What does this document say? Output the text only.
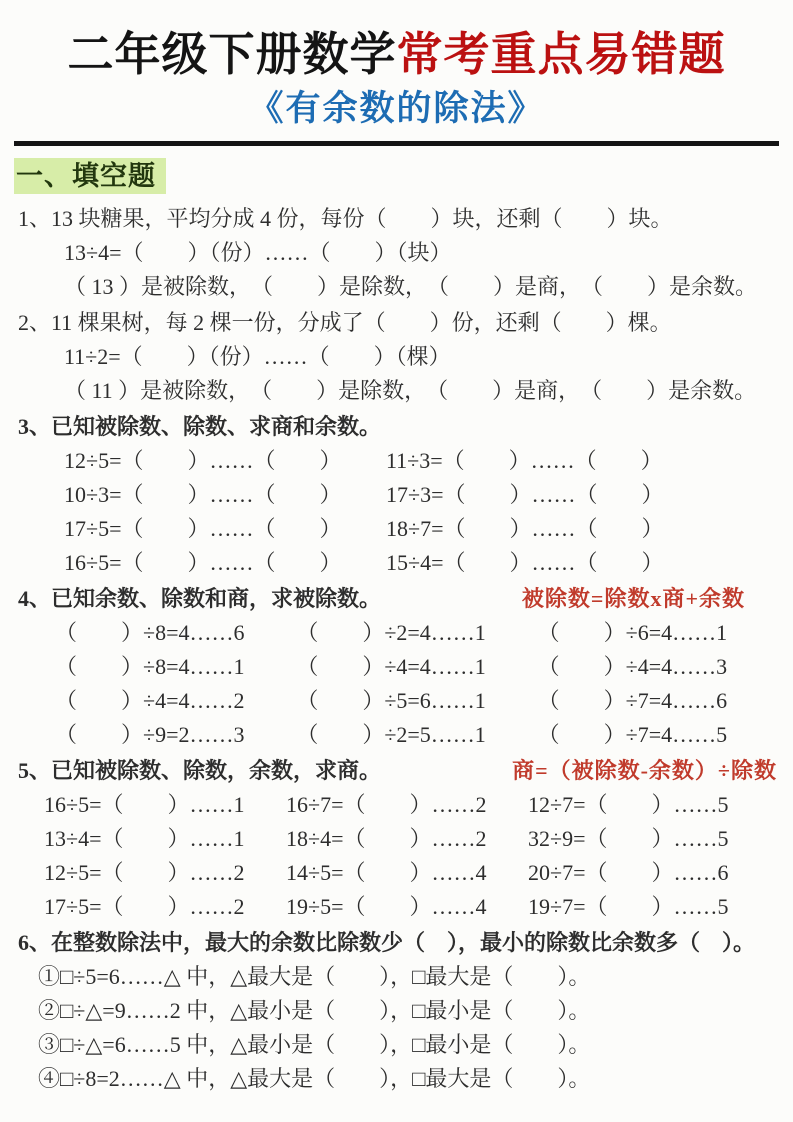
二年级下册数学常考重点易错题
《有余数的除法》
一、填空题
1、13 块糖果，平均分成 4 份，每份（　　）块，还剩（　　）块。
13÷4=（　　）（份）……（　　）（块）
（ 13 ）是被除数，　（　　）是除数，　（　　）是商，　（　　）是余数。
2、11 棵果树，每 2 棵一份，分成了（　　）份，还剩（　　）棵。
11÷2=（　　）（份）……（　　）（棵）
（ 11 ）是被除数，　（　　）是除数，　（　　）是商，　（　　）是余数。
3、已知被除数、除数、求商和余数。
12÷5=（　　）……（　　）	11÷3=（　　）……（　　）
10÷3=（　　）……（　　）	17÷3=（　　）……（　　）
17÷5=（　　）……（　　）	18÷7=（　　）……（　　）
16÷5=（　　）……（　　）	15÷4=（　　）……（　　）
4、已知余数、除数和商，求被除数。	被除数=除数x商+余数
（　　）÷8=4……6	（　　）÷2=4……1	（　　）÷6=4……1
（　　）÷8=4……1	（　　）÷4=4……1	（　　）÷4=4……3
（　　）÷4=4……2	（　　）÷5=6……1	（　　）÷7=4……6
（　　）÷9=2……3	（　　）÷2=5……1	（　　）÷7=4……5
5、已知被除数、除数，余数，求商。	商=（被除数-余数）÷除数
16÷5=（　　）……1	16÷7=（　　）……2	12÷7=（　　）……5
13÷4=（　　）……1	18÷4=（　　）……2	32÷9=（　　）……5
12÷5=（　　）……2	14÷5=（　　）……4	20÷7=（　　）……6
17÷5=（　　）……2	19÷5=（　　）……4	19÷7=（　　）……5
6、在整数除法中，最大的余数比除数少（　），最小的除数比余数多（　）。
①□÷5=6……△ 中，△最大是（　　），□最大是（　　）。
②□÷△=9……2 中，△最小是（　　），□最小是（　　）。
③□÷△=6……5 中，△最小是（　　），□最小是（　　）。
④□÷8=2……△ 中，△最大是（　　），□最大是（　　）。
